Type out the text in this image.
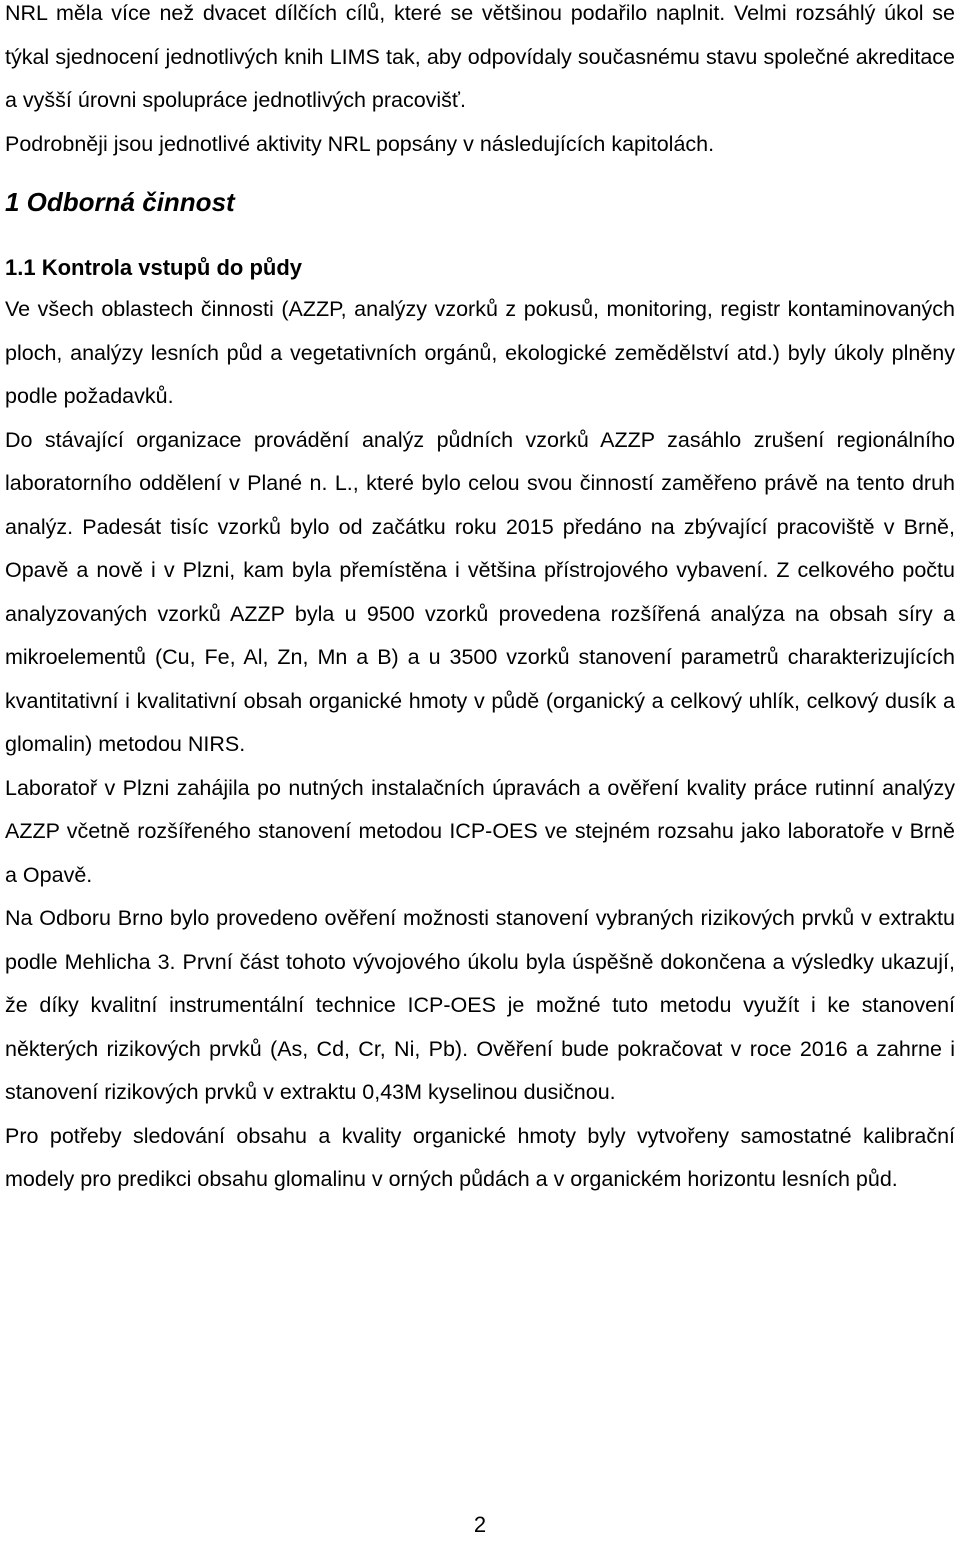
NRL měla více než dvacet dílčích cílů, které se většinou podařilo naplnit. Velmi rozsáhlý úkol se týkal sjednocení jednotlivých knih LIMS tak, aby odpovídaly současnému stavu společné akreditace a vyšší úrovni spolupráce jednotlivých pracovišť.

Podrobněji jsou jednotlivé aktivity NRL popsány v následujících kapitolách.

1 Odborná činnost
1.1 Kontrola vstupů do půdy

Ve všech oblastech činnosti (AZZP, analýzy vzorků z pokusů, monitoring, registr kontaminovaných ploch, analýzy lesních půd a vegetativních orgánů, ekologické zemědělství atd.) byly úkoly plněny podle požadavků.

Do stávající organizace provádění analýz půdních vzorků AZZP zasáhlo zrušení regionálního laboratorního oddělení v Plané n. L., které bylo celou svou činností zaměřeno právě na tento druh analýz. Padesát tisíc vzorků bylo od začátku roku 2015 předáno na zbývající pracoviště v Brně, Opavě a nově i v Plzni, kam byla přemístěna i většina přístrojového vybavení. Z celkového počtu analyzovaných vzorků AZZP byla u 9500 vzorků provedena rozšířená analýza na obsah síry a mikroelementů (Cu, Fe, Al, Zn, Mn a B) a u 3500 vzorků stanovení parametrů charakterizujících kvantitativní i kvalitativní obsah organické hmoty v půdě (organický a celkový uhlík, celkový dusík a glomalin) metodou NIRS.

Laboratoř v Plzni zahájila po nutných instalačních úpravách a ověření kvality práce rutinní analýzy AZZP včetně rozšířeného stanovení metodou ICP-OES ve stejném rozsahu jako laboratoře v Brně a Opavě.

Na Odboru Brno bylo provedeno ověření možnosti stanovení vybraných rizikových prvků v extraktu podle Mehlicha 3. První část tohoto vývojového úkolu byla úspěšně dokončena a výsledky ukazují, že díky kvalitní instrumentální technice ICP-OES je možné tuto metodu využít i ke stanovení některých rizikových prvků (As, Cd, Cr, Ni, Pb). Ověření bude pokračovat v roce 2016 a zahrne i stanovení rizikových prvků v extraktu 0,43M kyselinou dusičnou.

Pro potřeby sledování obsahu a kvality organické hmoty byly vytvořeny samostatné kalibrační modely pro predikci obsahu glomalinu v orných půdách a v organickém horizontu lesních půd.

2
